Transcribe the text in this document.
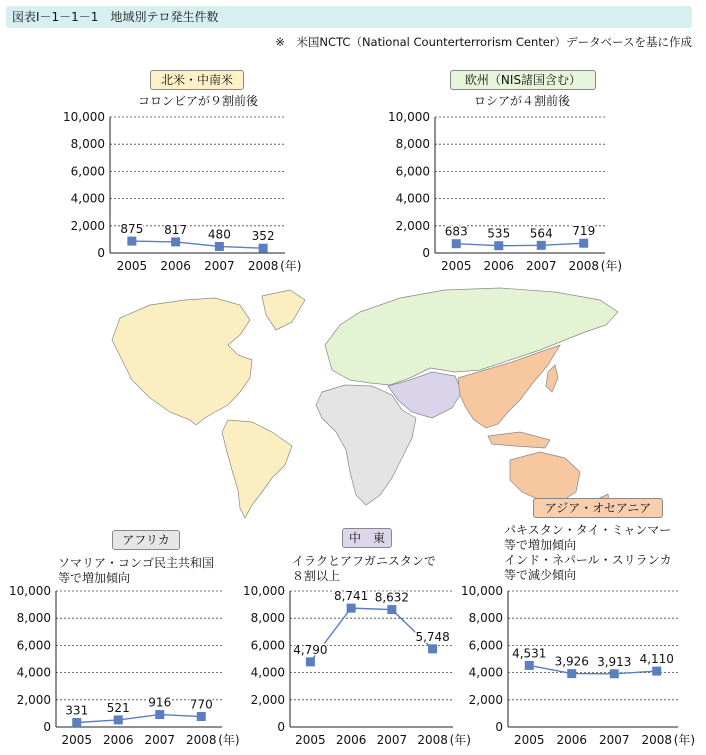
図表Ⅰ－1－1－1　地域別テロ発生件数
※　米国NCTC（National Counterterrorism Center）データベースを基に作成
北米・中南米
コロンビアが９割前後
欧州（NIS諸国含む）
ロシアが４割前後
アフリカ
ソマリア・コンゴ民主共和国
等で増加傾向
中　東
イラクとアフガニスタンで
８割以上
アジア・オセアニア
パキスタン・タイ・ミャンマー
等で増加傾向
インド・ネパール・スリランカ
等で減少傾向
0
2,000
4,000
6,000
8,000
10,000
2005 2006 2007 2008 (年)
875 817 480 352
0
2,000
4,000
6,000
8,000
10,000
2005 2006 2007 2008 (年)
683 535 564 719
0
2,000
4,000
6,000
8,000
10,000
2005 2006 2007 2008 (年)
331 521 916 770
0
2,000
4,000
6,000
8,000
10,000
2005 2006 2007 2008 (年)
4,790
8,741 8,632
5,748
0
2,000
4,000
6,000
8,000
10,000
2005 2006 2007 2008 (年)
4,531
3,926 3,913 4,110
